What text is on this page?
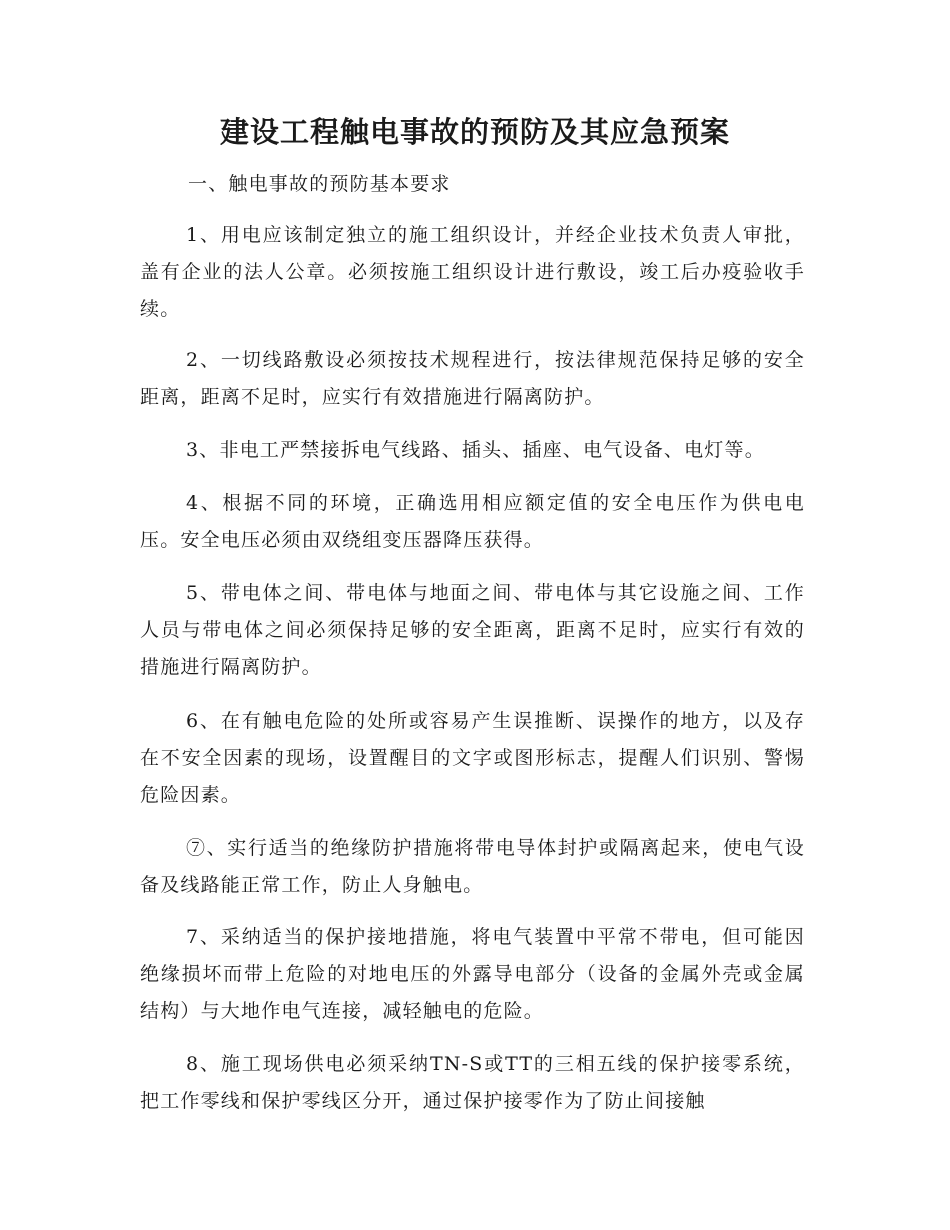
建设工程触电事故的预防及其应急预案

一、触电事故的预防基本要求

1、用电应该制定独立的施工组织设计，并经企业技术负责人审批，盖有企业的法人公章。必须按施工组织设计进行敷设，竣工后办疫验收手续。

2、一切线路敷设必须按技术规程进行，按法律规范保持足够的安全距离，距离不足时，应实行有效措施进行隔离防护。

3、非电工严禁接拆电气线路、插头、插座、电气设备、电灯等。

4、根据不同的环境，正确选用相应额定值的安全电压作为供电电压。安全电压必须由双绕组变压器降压获得。

5、带电体之间、带电体与地面之间、带电体与其它设施之间、工作人员与带电体之间必须保持足够的安全距离，距离不足时，应实行有效的措施进行隔离防护。

6、在有触电危险的处所或容易产生误推断、误操作的地方，以及存在不安全因素的现场，设置醒目的文字或图形标志，提醒人们识别、警惕危险因素。

⑦、实行适当的绝缘防护措施将带电导体封护或隔离起来，使电气设备及线路能正常工作，防止人身触电。

7、采纳适当的保护接地措施，将电气装置中平常不带电，但可能因绝缘损坏而带上危险的对地电压的外露导电部分（设备的金属外壳或金属结构）与大地作电气连接，减轻触电的危险。

8、施工现场供电必须采纳TN-S或TT的三相五线的保护接零系统，把工作零线和保护零线区分开，通过保护接零作为了防止间接触
